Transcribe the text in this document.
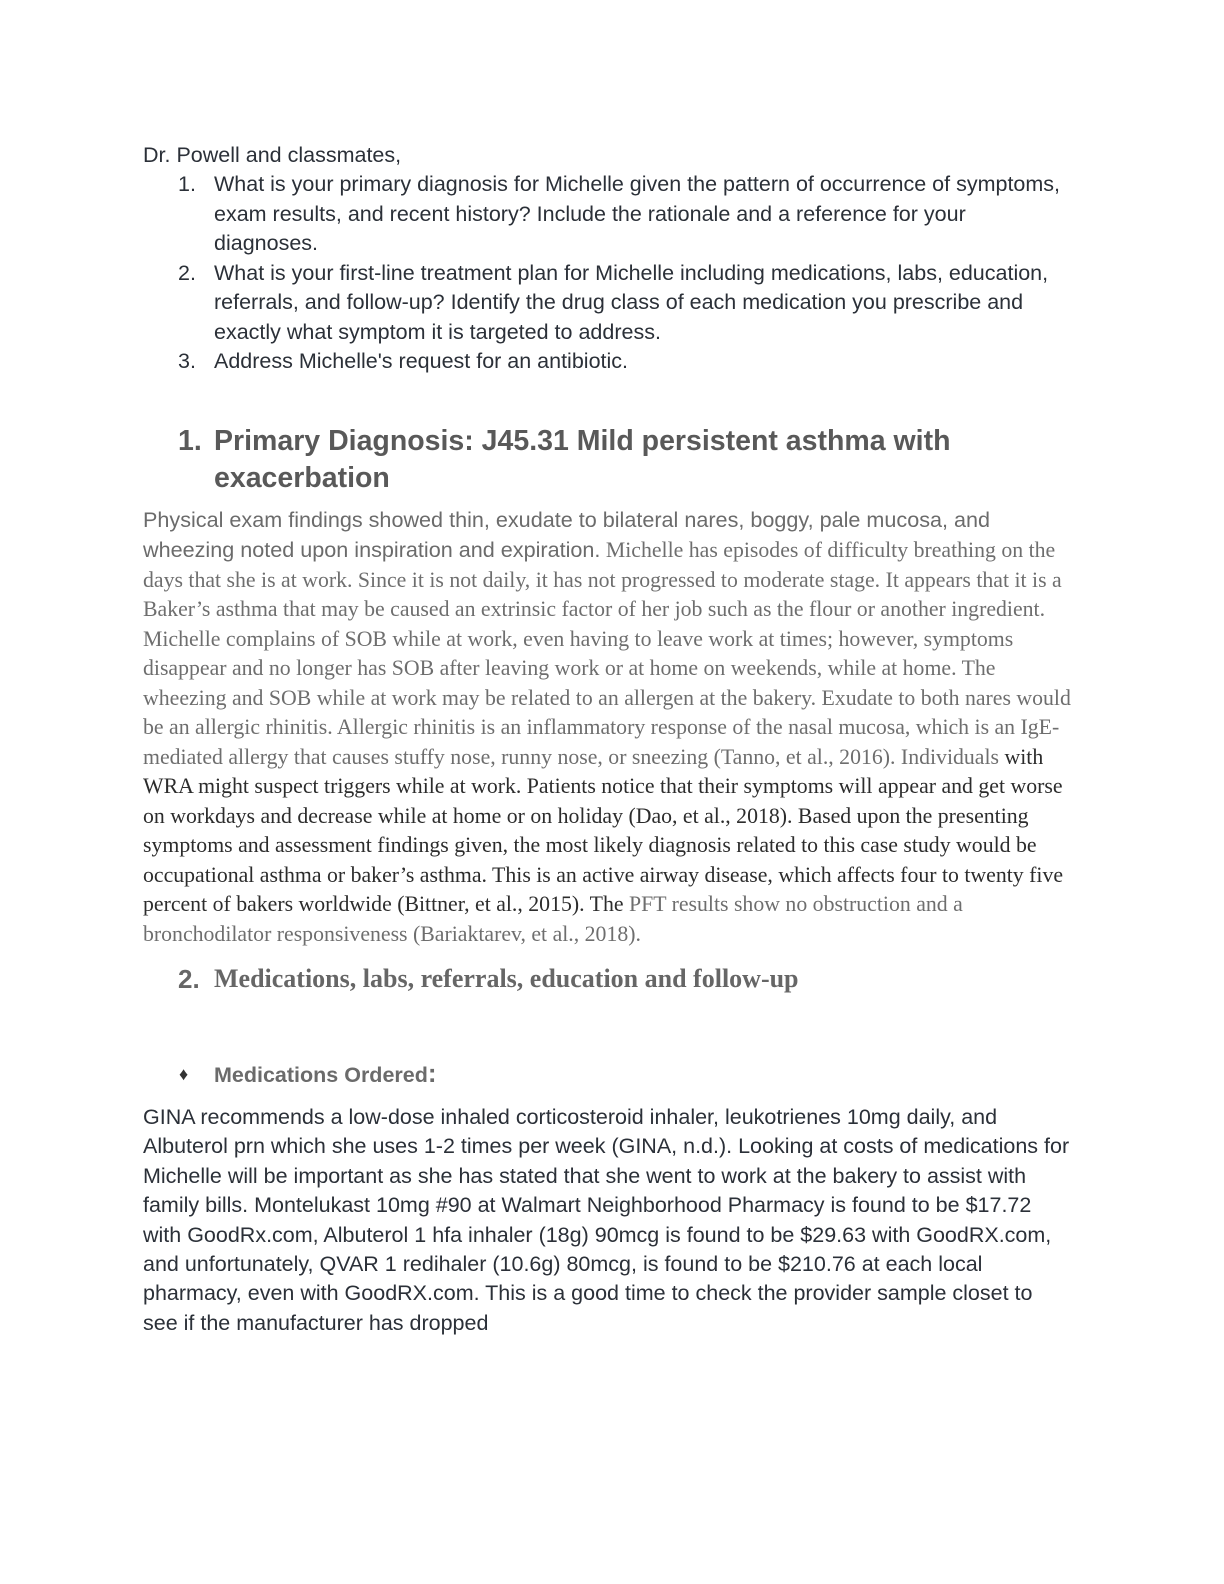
Dr. Powell and classmates,

1. What is your primary diagnosis for Michelle given the pattern of occurrence of symptoms, exam results, and recent history? Include the rationale and a reference for your diagnoses.
2. What is your first-line treatment plan for Michelle including medications, labs, education, referrals, and follow-up? Identify the drug class of each medication you prescribe and exactly what symptom it is targeted to address.
3. Address Michelle's request for an antibiotic.
1. Primary Diagnosis: J45.31 Mild persistent asthma with exacerbation

Physical exam findings showed thin, exudate to bilateral nares, boggy, pale mucosa, and wheezing noted upon inspiration and expiration. Michelle has episodes of difficulty breathing on the days that she is at work. Since it is not daily, it has not progressed to moderate stage. It appears that it is a Baker’s asthma that may be caused an extrinsic factor of her job such as the flour or another ingredient. Michelle complains of SOB while at work, even having to leave work at times; however, symptoms disappear and no longer has SOB after leaving work or at home on weekends, while at home. The wheezing and SOB while at work may be related to an allergen at the bakery. Exudate to both nares would be an allergic rhinitis. Allergic rhinitis is an inflammatory response of the nasal mucosa, which is an IgE-mediated allergy that causes stuffy nose, runny nose, or sneezing (Tanno, et al., 2016). Individuals with WRA might suspect triggers while at work. Patients notice that their symptoms will appear and get worse on workdays and decrease while at home or on holiday (Dao, et al., 2018). Based upon the presenting symptoms and assessment findings given, the most likely diagnosis related to this case study would be occupational asthma or baker’s asthma. This is an active airway disease, which affects four to twenty five percent of bakers worldwide (Bittner, et al., 2015). The PFT results show no obstruction and a bronchodilator responsiveness (Bariaktarev, et al., 2018).

2. Medications, labs, referrals, education and follow-up
♦ Medications Ordered:

GINA recommends a low-dose inhaled corticosteroid inhaler, leukotrienes 10mg daily, and Albuterol prn which she uses 1-2 times per week (GINA, n.d.). Looking at costs of medications for Michelle will be important as she has stated that she went to work at the bakery to assist with family bills. Montelukast 10mg #90 at Walmart Neighborhood Pharmacy is found to be $17.72 with GoodRx.com, Albuterol 1 hfa inhaler (18g) 90mcg is found to be $29.63 with GoodRX.com, and unfortunately, QVAR 1 redihaler (10.6g) 80mcg, is found to be $210.76 at each local pharmacy, even with GoodRX.com. This is a good time to check the provider sample closet to see if the manufacturer has dropped
